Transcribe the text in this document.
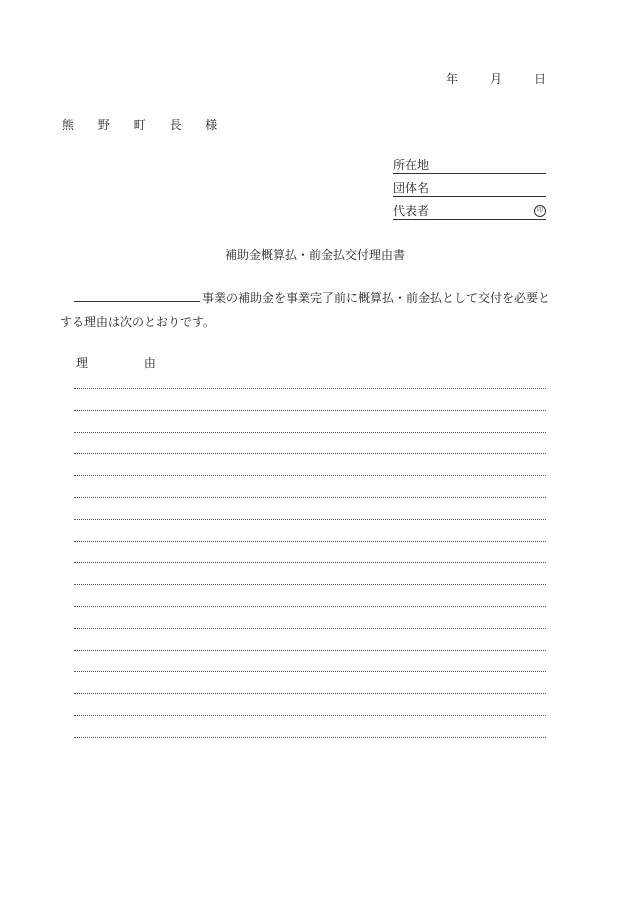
年	月	日
熊 野 町 長 様
所在地
団体名
代表者	印
補助金概算払・前金払交付理由書
事業の補助金を事業完了前に概算払・前金払として交付を必要と
する理由は次のとおりです。
理 由
